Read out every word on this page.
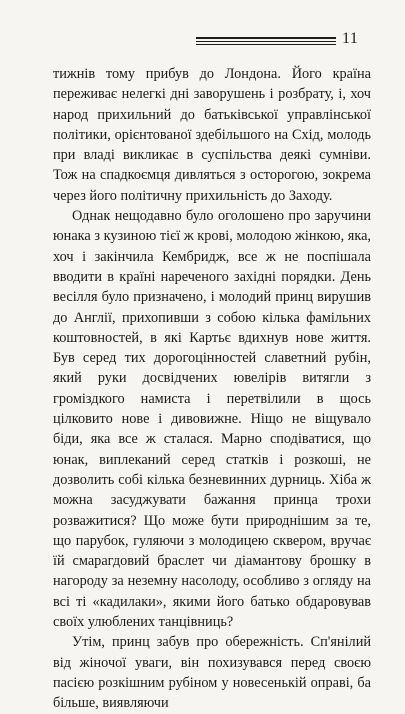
11

тижнів тому прибув до Лондона. Його країна переживає нелегкі дні заворушень і розбрату, і, хоч народ прихильний до батьківської управлінської політики, орієнтованої здебільшого на Схід, молодь при владі викликає в суспільства деякі сумніви. Тож на спадкоємця дивляться з осторогою, зокрема через його політичну прихильність до Заходу.

Однак нещодавно було оголошено про заручини юнака з кузиною тієї ж крові, молодою жінкою, яка, хоч і закінчила Кембридж, все ж не поспішала вводити в країні нареченого західні порядки. День весілля було призначено, і молодий принц вирушив до Англії, прихопивши з собою кілька фамільних коштовностей, в які Картьє вдихнув нове життя. Був серед тих дорогоцінностей славетний рубін, який руки досвідчених ювелірів витягли з громіздкого намиста і перетвілили в щось цілковито нове і дивовижне. Ніщо не віщувало біди, яка все ж сталася. Марно сподіватися, що юнак, виплеканий серед статків і розкоші, не дозволить собі кілька безневинних дурниць. Хіба ж можна засуджувати бажання принца трохи розважитися? Що може бути природнішим за те, що парубок, гуляючи з молодицею сквером, вручає їй смарагдовий браслет чи діамантову брошку в нагороду за неземну насолоду, особливо з огляду на всі ті «кадилаки», якими його батько обдаровував своїх улюблених танцівниць?

Утім, принц забув про обережність. Сп'янілий від жіночої уваги, він похизувався перед своєю пасією розкішним рубіном у новесенькій оправі, ба більше, виявляючи
